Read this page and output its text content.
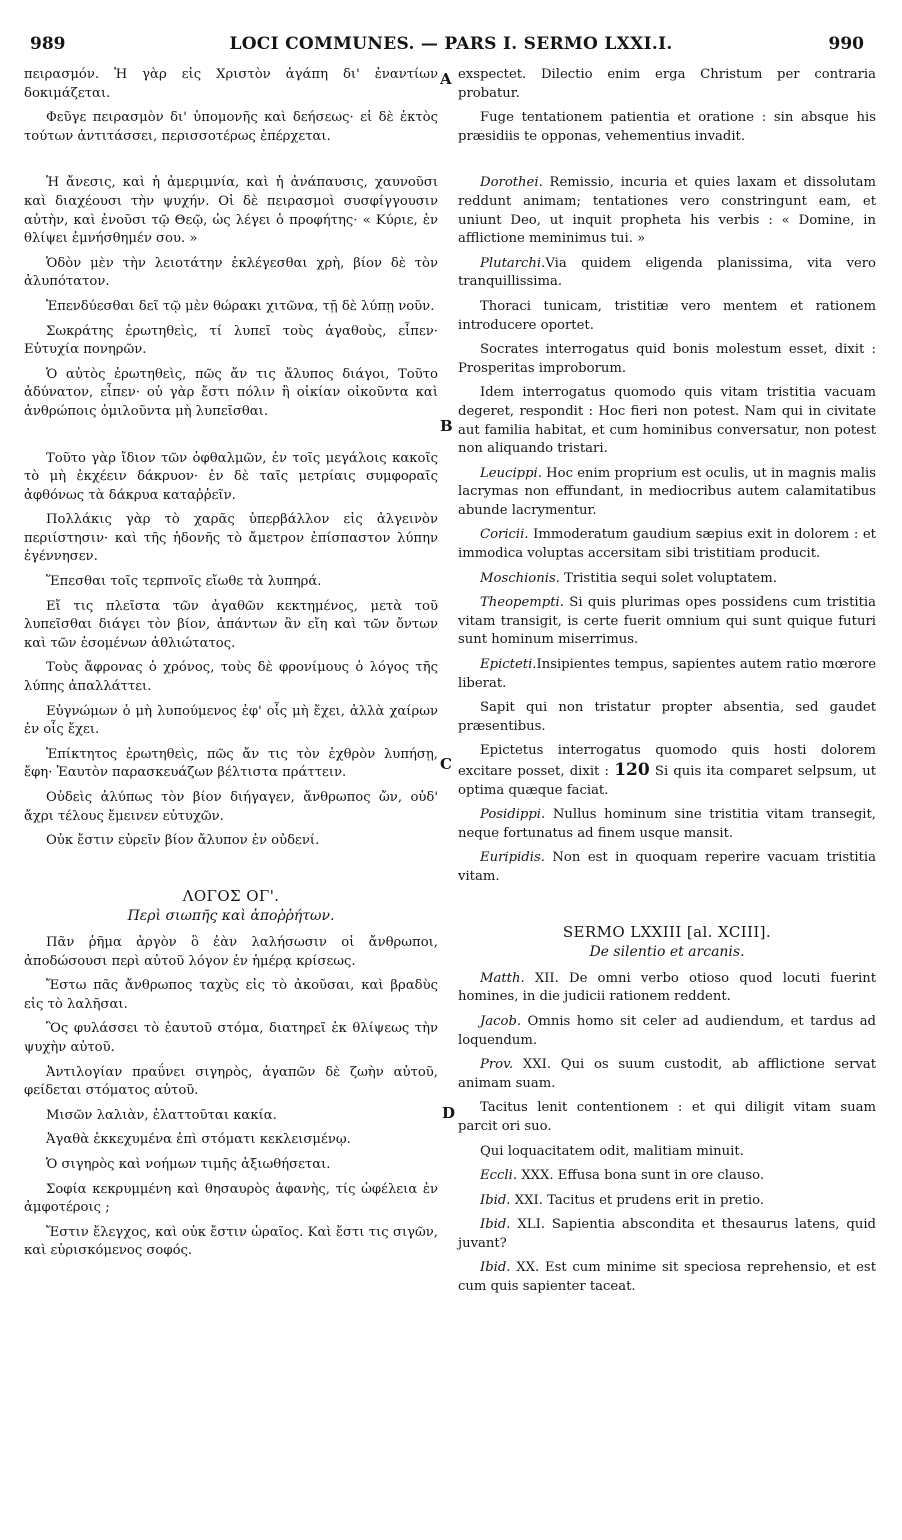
989	LOCI COMMUNES. — PARS I. SERMO LXXI.I.	990
A
B
C
D

πειρασμόν. Ἡ γὰρ εἰς Χριστὸν ἀγάπη δι' ἐναντίων δοκιμάζεται.

Φεῦγε πειρασμὸν δι' ὑπομονῆς καὶ δεήσεως· εἰ δὲ ἐκτὸς τούτων ἀντιτάσσει, περισσοτέρως ἐπέρχεται.

Ἡ ἄνεσις, καὶ ἡ ἀμεριμνία, καὶ ἡ ἀνάπαυσις, χαυνοῦσι καὶ διαχέουσι τὴν ψυχήν. Οἱ δὲ πειρασμοὶ συσφίγγουσιν αὐτὴν, καὶ ἑνοῦσι τῷ Θεῷ, ὡς λέγει ὁ προφήτης· « Κύριε, ἐν θλίψει ἐμνήσθημέν σου. »

Ὁδὸν μὲν τὴν λειοτάτην ἐκλέγεσθαι χρὴ, βίον δὲ τὸν ἀλυπότατον.

Ἐπενδύεσθαι δεῖ τῷ μὲν θώρακι χιτῶνα, τῇ δὲ λύπῃ νοῦν.

Σωκράτης ἐρωτηθεὶς, τί λυπεῖ τοὺς ἀγαθοὺς, εἶπεν· Εὐτυχία πονηρῶν.

Ὁ αὐτὸς ἐρωτηθεὶς, πῶς ἄν τις ἄλυπος διάγοι, Τοῦτο ἀδύνατον, εἶπεν· οὐ γὰρ ἔστι πόλιν ἢ οἰκίαν οἰκοῦντα καὶ ἀνθρώποις ὁμιλοῦντα μὴ λυπεῖσθαι.

Τοῦτο γὰρ ἴδιον τῶν ὀφθαλμῶν, ἐν τοῖς μεγάλοις κακοῖς τὸ μὴ ἐκχέειν δάκρυον· ἐν δὲ ταῖς μετρίαις συμφοραῖς ἀφθόνως τὰ δάκρυα καταῤῥεῖν.

Πολλάκις γὰρ τὸ χαρᾶς ὑπερβάλλον εἰς ἀλγεινὸν περιίστησιν· καὶ τῆς ἡδονῆς τὸ ἄμετρον ἐπίσπαστον λύπην ἐγέννησεν.

Ἕπεσθαι τοῖς τερπνοῖς εἴωθε τὰ λυπηρά.

Εἴ τις πλεῖστα τῶν ἀγαθῶν κεκτημένος, μετὰ τοῦ λυπεῖσθαι διάγει τὸν βίον, ἁπάντων ἂν εἴη καὶ τῶν ὄντων καὶ τῶν ἐσομένων ἀθλιώτατος.

Τοὺς ἄφρονας ὁ χρόνος, τοὺς δὲ φρονίμους ὁ λόγος τῆς λύπης ἀπαλλάττει.

Εὐγνώμων ὁ μὴ λυπούμενος ἐφ' οἷς μὴ ἔχει, ἀλλὰ χαίρων ἐν οἷς ἔχει.

Ἐπίκτητος ἐρωτηθεὶς, πῶς ἄν τις τὸν ἐχθρὸν λυπήσῃ, ἔφη· Ἑαυτὸν παρασκευάζων βέλτιστα πράττειν.

Οὐδεὶς ἀλύπως τὸν βίον διήγαγεν, ἄνθρωπος ὤν, οὐδ' ἄχρι τέλους ἔμεινεν εὐτυχῶν.

Οὐκ ἔστιν εὑρεῖν βίον ἄλυπον ἐν οὐδενί.

ΛΟΓΟΣ ΟΓ'.
Περὶ σιωπῆς καὶ ἀποῤῥήτων.

Πᾶν ῥῆμα ἀργὸν ὃ ἐὰν λαλήσωσιν οἱ ἄνθρωποι, ἀποδώσουσι περὶ αὐτοῦ λόγον ἐν ἡμέρᾳ κρίσεως.

Ἔστω πᾶς ἄνθρωπος ταχὺς εἰς τὸ ἀκοῦσαι, καὶ βραδὺς εἰς τὸ λαλῆσαι.

Ὃς φυλάσσει τὸ ἑαυτοῦ στόμα, διατηρεῖ ἐκ θλίψεως τὴν ψυχὴν αὐτοῦ.

Ἀντιλογίαν πραΰνει σιγηρὸς, ἀγαπῶν δὲ ζωὴν αὐτοῦ, φείδεται στόματος αὐτοῦ.

Μισῶν λαλιὰν, ἐλαττοῦται κακία.

Ἀγαθὰ ἐκκεχυμένα ἐπὶ στόματι κεκλεισμένῳ.

Ὁ σιγηρὸς καὶ νοήμων τιμῆς ἀξιωθήσεται.

Σοφία κεκρυμμένη καὶ θησαυρὸς ἀφανὴς, τίς ὠφέλεια ἐν ἀμφοτέροις ;

Ἔστιν ἔλεγχος, καὶ οὐκ ἔστιν ὡραῖος. Καὶ ἔστι τις σιγῶν, καὶ εὑρισκόμενος σοφός.

exspectet. Dilectio enim erga Christum per contraria probatur.

Fuge tentationem patientia et oratione : sin absque his præsidiis te opponas, vehementius invadit.

Dorothei. Remissio, incuria et quies laxam et dissolutam reddunt animam; tentationes vero constringunt eam, et uniunt Deo, ut inquit propheta his verbis : « Domine, in afflictione meminimus tui. »

Plutarchi.Via quidem eligenda planissima, vita vero tranquillissima.

Thoraci tunicam, tristitiæ vero mentem et rationem introducere oportet.

Socrates interrogatus quid bonis molestum esset, dixit : Prosperitas improborum.

Idem interrogatus quomodo quis vitam tristitia vacuam degeret, respondit : Hoc fieri non potest. Nam qui in civitate aut familia habitat, et cum hominibus conversatur, non potest non aliquando tristari.

Leucippi. Hoc enim proprium est oculis, ut in magnis malis lacrymas non effundant, in mediocribus autem calamitatibus abunde lacrymentur.

Coricii. Immoderatum gaudium sæpius exit in dolorem : et immodica voluptas accersitam sibi tristitiam producit.

Moschionis. Tristitia sequi solet voluptatem.

Theopempti. Si quis plurimas opes possidens cum tristitia vitam transigit, is certe fuerit omnium qui sunt quique futuri sunt hominum miserrimus.

Epicteti.Insipientes tempus, sapientes autem ratio mœrore liberat.

Sapit qui non tristatur propter absentia, sed gaudet præsentibus.

Epictetus interrogatus quomodo quis hosti dolorem excitare posset, dixit : 120 Si quis ita comparet selpsum, ut optima quæque faciat.

Posidippi. Nullus hominum sine tristitia vitam transegit, neque fortunatus ad finem usque mansit.

Euripidis. Non est in quoquam reperire vacuam tristitia vitam.

SERMO LXXIII [al. XCIII].
De silentio et arcanis.

Matth. XII. De omni verbo otioso quod locuti fuerint homines, in die judicii rationem reddent.

Jacob. Omnis homo sit celer ad audiendum, et tardus ad loquendum.

Prov. XXI. Qui os suum custodit, ab afflictione servat animam suam.

Tacitus lenit contentionem : et qui diligit vitam suam parcit ori suo.

Qui loquacitatem odit, malitiam minuit.

Eccli. XXX. Effusa bona sunt in ore clauso.

Ibid. XXI. Tacitus et prudens erit in pretio.

Ibid. XLI. Sapientia abscondita et thesaurus latens, quid juvant?

Ibid. XX. Est cum minime sit speciosa reprehensio, et est cum quis sapienter taceat.
